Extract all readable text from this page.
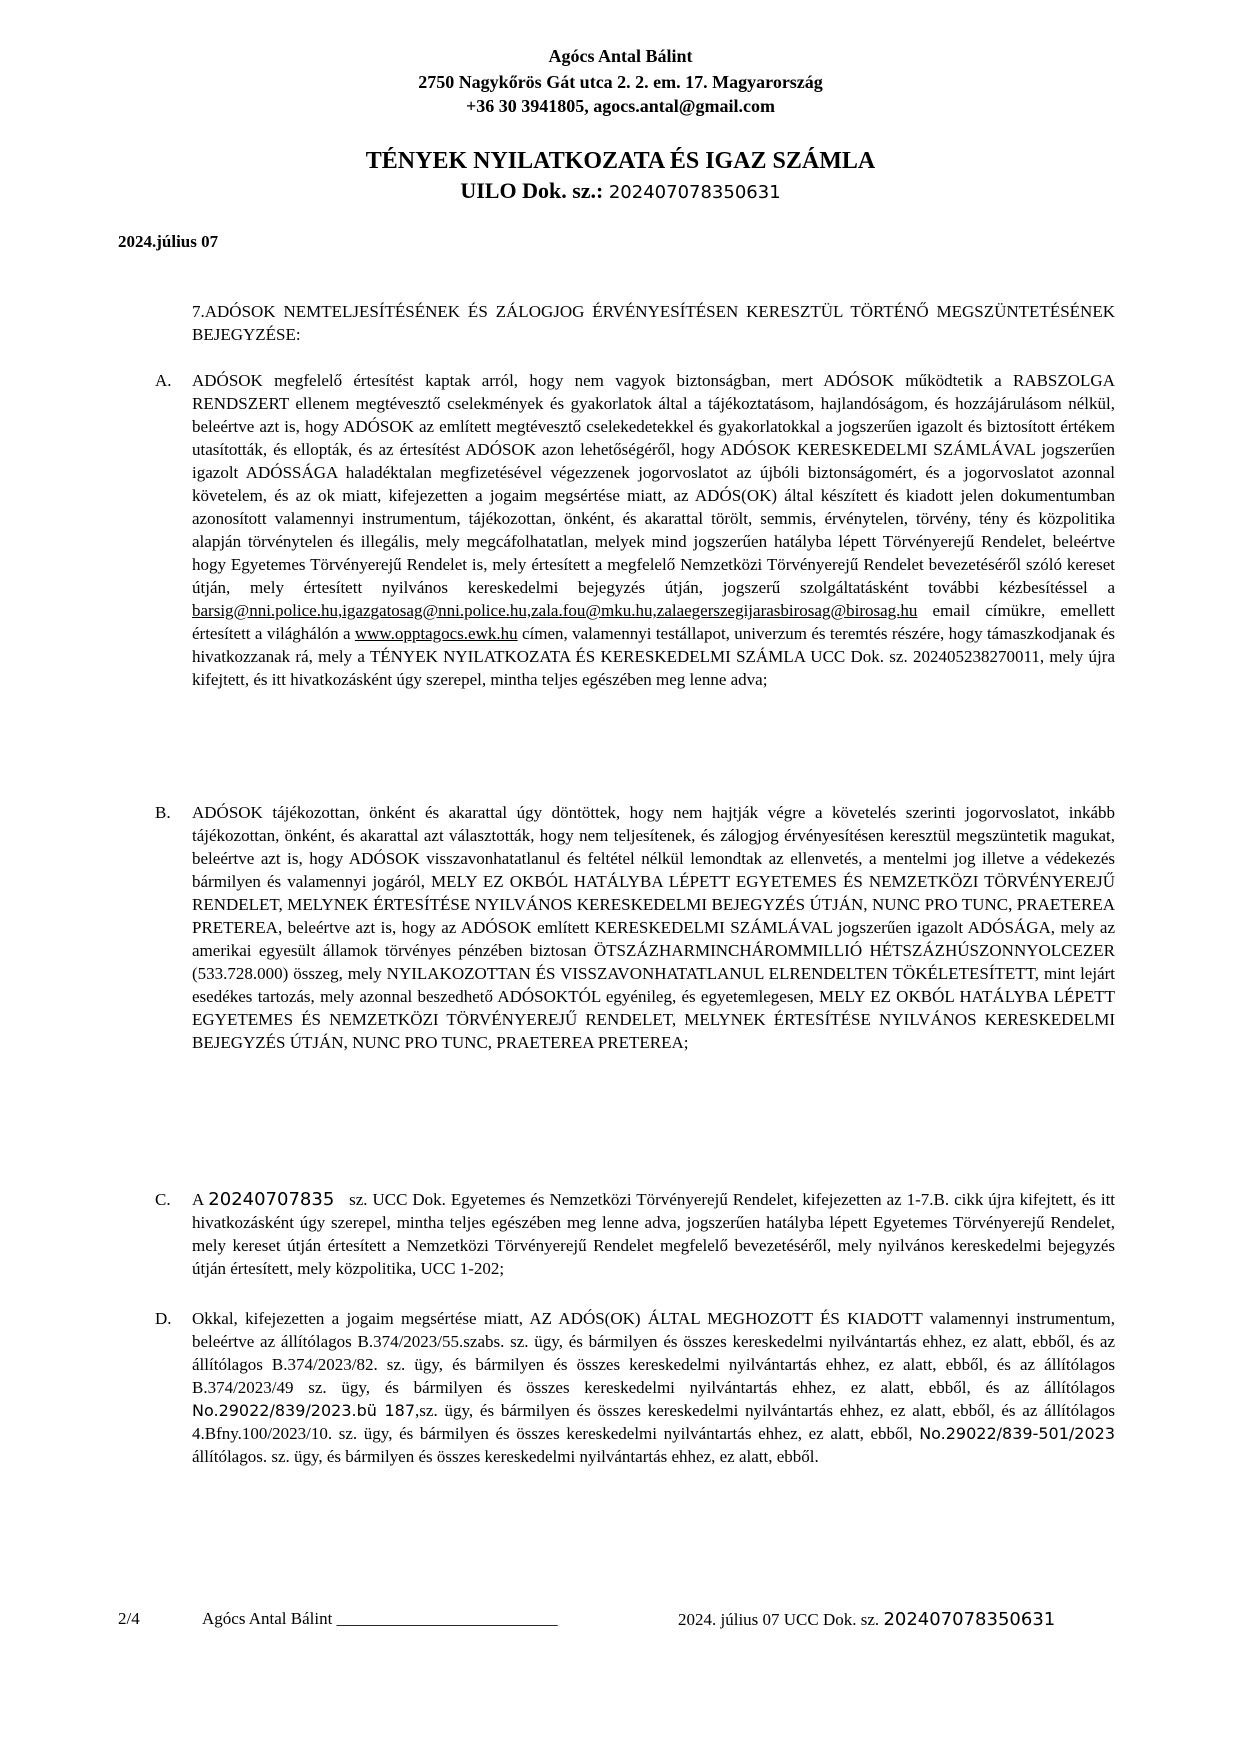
Agócs Antal Bálint
2750 Nagykőrös Gát utca 2. 2. em. 17. Magyarország
+36 30 3941805, agocs.antal@gmail.com
TÉNYEK NYILATKOZATA ÉS IGAZ SZÁMLA
UILO Dok. sz.: 202407078350631
2024.július 07
7.ADÓSOK NEMTELJESÍTÉSÉNEK ÉS ZÁLOGJOG ÉRVÉNYESÍTÉSEN KERESZTÜL TÖRTÉNŐ MEGSZÜNTETÉSÉNEK BEJEGYZÉSE:
A.	ADÓSOK megfelelő értesítést kaptak arról, hogy nem vagyok biztonságban, mert ADÓSOK működtetik a RABSZOLGA RENDSZERT ellenem megtévesztő cselekmények és gyakorlatok által a tájékoztatásom, hajlandóságom, és hozzájárulásom nélkül, beleértve azt is, hogy ADÓSOK az említett megtévesztő cselekedetekkel és gyakorlatokkal a jogszerűen igazolt és biztosított értékem utasították, és ellopták, és az értesítést ADÓSOK azon lehetőségéről, hogy ADÓSOK KERESKEDELMI SZÁMLÁVAL jogszerűen igazolt ADÓSSÁGA haladéktalan megfizetésével végezzenek jogorvoslatot az újbóli biztonságomért, és a jogorvoslatot azonnal követelem, és az ok miatt, kifejezetten a jogaim megsértése miatt, az ADÓS(OK) által készített és kiadott jelen dokumentumban azonosított valamennyi instrumentum, tájékozottan, önként, és akarattal törölt, semmis, érvénytelen, törvény, tény és közpolitika alapján törvénytelen és illegális, mely megcáfolhatatlan, melyek mind jogszerűen hatályba lépett Törvényerejű Rendelet, beleértve hogy Egyetemes Törvényerejű Rendelet is, mely értesített a megfelelő Nemzetközi Törvényerejű Rendelet bevezetéséről szóló kereset útján, mely értesített nyilvános kereskedelmi bejegyzés útján, jogszerű szolgáltatásként további kézbesítéssel a barsig@nni.police.hu,igazgatosag@nni.police.hu,zala.fou@mku.hu,zalaegerszegijarasbirosag@birosag.hu email címükre, emellett értesített a világhálón a www.opptagocs.ewk.hu címen, valamennyi testállapot, univerzum és teremtés részére, hogy támaszkodjanak és hivatkozzanak rá, mely a TÉNYEK NYILATKOZATA ÉS KERESKEDELMI SZÁMLA UCC Dok. sz. 202405238270011, mely újra kifejtett, és itt hivatkozásként úgy szerepel, mintha teljes egészében meg lenne adva;
B.	ADÓSOK tájékozottan, önként és akarattal úgy döntöttek, hogy nem hajtják végre a követelés szerinti jogorvoslatot, inkább tájékozottan, önként, és akarattal azt választották, hogy nem teljesítenek, és zálogjog érvényesítésen keresztül megszüntetik magukat, beleértve azt is, hogy ADÓSOK visszavonhatatlanul és feltétel nélkül lemondtak az ellenvetés, a mentelmi jog illetve a védekezés bármilyen és valamennyi jogáról, MELY EZ OKBÓL HATÁLYBA LÉPETT EGYETEMES ÉS NEMZETKÖZI TÖRVÉNYEREJŰ RENDELET, MELYNEK ÉRTESÍTÉSE NYILVÁNOS KERESKEDELMI BEJEGYZÉS ÚTJÁN, NUNC PRO TUNC, PRAETEREA PRETEREA, beleértve azt is, hogy az ADÓSOK említett KERESKEDELMI SZÁMLÁVAL jogszerűen igazolt ADÓSÁGA, mely az amerikai egyesült államok törvényes pénzében biztosan ÖTSZÁZHARMINCHÁROMMILLIÓ HÉTSZÁZHÚSZONNYOLCEZER (533.728.000) összeg, mely NYILAKOZOTTAN ÉS VISSZAVONHATATLANUL ELRENDELTEN TÖKÉLETESÍTETT, mint lejárt esedékes tartozás, mely azonnal beszedhető ADÓSOKTÓL egyénileg, és egyetemlegesen, MELY EZ OKBÓL HATÁLYBA LÉPETT EGYETEMES ÉS NEMZETKÖZI TÖRVÉNYEREJŰ RENDELET, MELYNEK ÉRTESÍTÉSE NYILVÁNOS KERESKEDELMI BEJEGYZÉS ÚTJÁN, NUNC PRO TUNC, PRAETEREA PRETEREA;
C.	A 20240707835 sz. UCC Dok. Egyetemes és Nemzetközi Törvényerejű Rendelet, kifejezetten az 1-7.B. cikk újra kifejtett, és itt hivatkozásként úgy szerepel, mintha teljes egészében meg lenne adva, jogszerűen hatályba lépett Egyetemes Törvényerejű Rendelet, mely kereset útján értesített a Nemzetközi Törvényerejű Rendelet megfelelő bevezetéséről, mely nyilvános kereskedelmi bejegyzés útján értesített, mely közpolitika, UCC 1-202;
D.	Okkal, kifejezetten a jogaim megsértése miatt, AZ ADÓS(OK) ÁLTAL MEGHOZOTT ÉS KIADOTT valamennyi instrumentum, beleértve az állítólagos B.374/2023/55.szabs. sz. ügy, és bármilyen és összes kereskedelmi nyilvántartás ehhez, ez alatt, ebből, és az állítólagos B.374/2023/82. sz. ügy, és bármilyen és összes kereskedelmi nyilvántartás ehhez, ez alatt, ebből, és az állítólagos B.374/2023/49 sz. ügy, és bármilyen és összes kereskedelmi nyilvántartás ehhez, ez alatt, ebből, és az állítólagos No.29022/839/2023.bü 187,sz. ügy, és bármilyen és összes kereskedelmi nyilvántartás ehhez, ez alatt, ebből, és az állítólagos 4.Bfny.100/2023/10. sz. ügy, és bármilyen és összes kereskedelmi nyilvántartás ehhez, ez alatt, ebből, No.29022/839-501/2023 állítólagos. sz. ügy, és bármilyen és összes kereskedelmi nyilvántartás ehhez, ez alatt, ebből.
2/4	Agócs Antal Bálint __________________________	2024. július 07 UCC Dok. sz. 202407078350631
